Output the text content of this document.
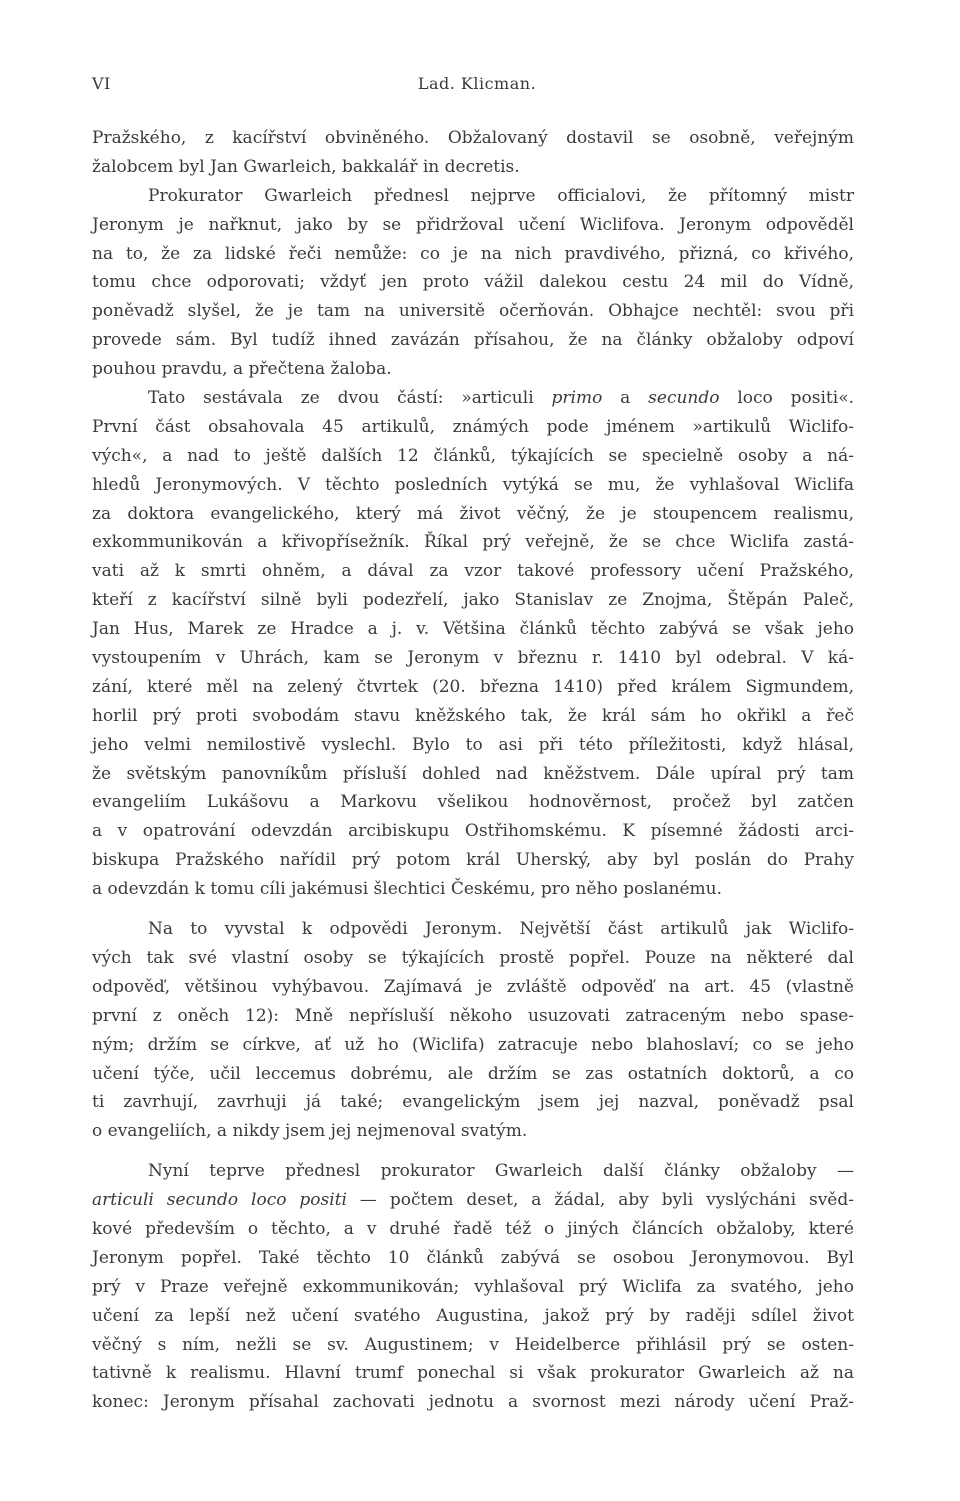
VI	Lad. Klicman.
Pražského, z kacířství obviněného. Obžalovaný dostavil se osobně, veřejným
žalobcem byl Jan Gwarleich, bakkalář in decretis.
Prokurator Gwarleich přednesl nejprve officialovi, že přítomný mistr
Jeronym je nařknut, jako by se přidržoval učení Wiclifova. Jeronym odpověděl
na to, že za lidské řeči nemůže: co je na nich pravdivého, přizná, co křivého,
tomu chce odporovati; vždyť jen proto vážil dalekou cestu 24 mil do Vídně,
poněvadž slyšel, že je tam na universitě očerňován. Obhajce nechtěl: svou při
provede sám. Byl tudíž ihned zavázán přísahou, že na články obžaloby odpoví
pouhou pravdu, a přečtena žaloba.
Tato sestávala ze dvou částí: »articuli primo a secundo loco positi«.
První část obsahovala 45 artikulů, známých pode jménem »artikulů Wiclifo-
vých«, a nad to ještě dalších 12 článků, týkajících se specielně osoby a ná-
hledů Jeronymových. V těchto posledních vytýká se mu, že vyhlašoval Wiclifa
za doktora evangelického, který má život věčný, že je stoupencem realismu,
exkommunikován a křivopřísežník. Říkal prý veřejně, že se chce Wiclifa zastá-
vati až k smrti ohněm, a dával za vzor takové professory učení Pražského,
kteří z kacířství silně byli podezřelí, jako Stanislav ze Znojma, Štěpán Paleč,
Jan Hus, Marek ze Hradce a j. v. Většina článků těchto zabývá se však jeho
vystoupením v Uhrách, kam se Jeronym v březnu r. 1410 byl odebral. V ká-
zání, které měl na zelený čtvrtek (20. března 1410) před králem Sigmundem,
horlil prý proti svobodám stavu kněžského tak, že král sám ho okřikl a řeč
jeho velmi nemilostivě vyslechl. Bylo to asi při této příležitosti, když hlásal,
že světským panovníkům přísluší dohled nad kněžstvem. Dále upíral prý tam
evangeliím Lukášovu a Markovu všelikou hodnověrnost, pročež byl zatčen
a v opatrování odevzdán arcibiskupu Ostřihomskému. K písemné žádosti arci-
biskupa Pražského nařídil prý potom král Uherský, aby byl poslán do Prahy
a odevzdán k tomu cíli jakémusi šlechtici Českému, pro něho poslanému.
Na to vyvstal k odpovědi Jeronym. Největší část artikulů jak Wiclifo-
vých tak své vlastní osoby se týkajících prostě popřel. Pouze na některé dal
odpověď, většinou vyhýbavou. Zajímavá je zvláště odpověď na art. 45 (vlastně
první z oněch 12): Mně nepřísluší někoho usuzovati zatraceným nebo spase-
ným; držím se církve, ať už ho (Wiclifa) zatracuje nebo blahoslaví; co se jeho
učení týče, učil leccemus dobrému, ale držím se zas ostatních doktorů, a co
ti zavrhují, zavrhuji já také; evangelickým jsem jej nazval, poněvadž psal
o evangeliích, a nikdy jsem jej nejmenoval svatým.
Nyní teprve přednesl prokurator Gwarleich další články obžaloby —
articuli secundo loco positi — počtem deset, a žádal, aby byli vyslýcháni svěd-
kové především o těchto, a v druhé řadě též o jiných článcích obžaloby, které
Jeronym popřel. Také těchto 10 článků zabývá se osobou Jeronymovou. Byl
prý v Praze veřejně exkommunikován; vyhlašoval prý Wiclifa za svatého, jeho
učení za lepší než učení svatého Augustina, jakož prý by raději sdílel život
věčný s ním, nežli se sv. Augustinem; v Heidelberce přihlásil prý se osten-
tativně k realismu. Hlavní trumf ponechal si však prokurator Gwarleich až na
konec: Jeronym přísahal zachovati jednotu a svornost mezi národy učení Praž-
